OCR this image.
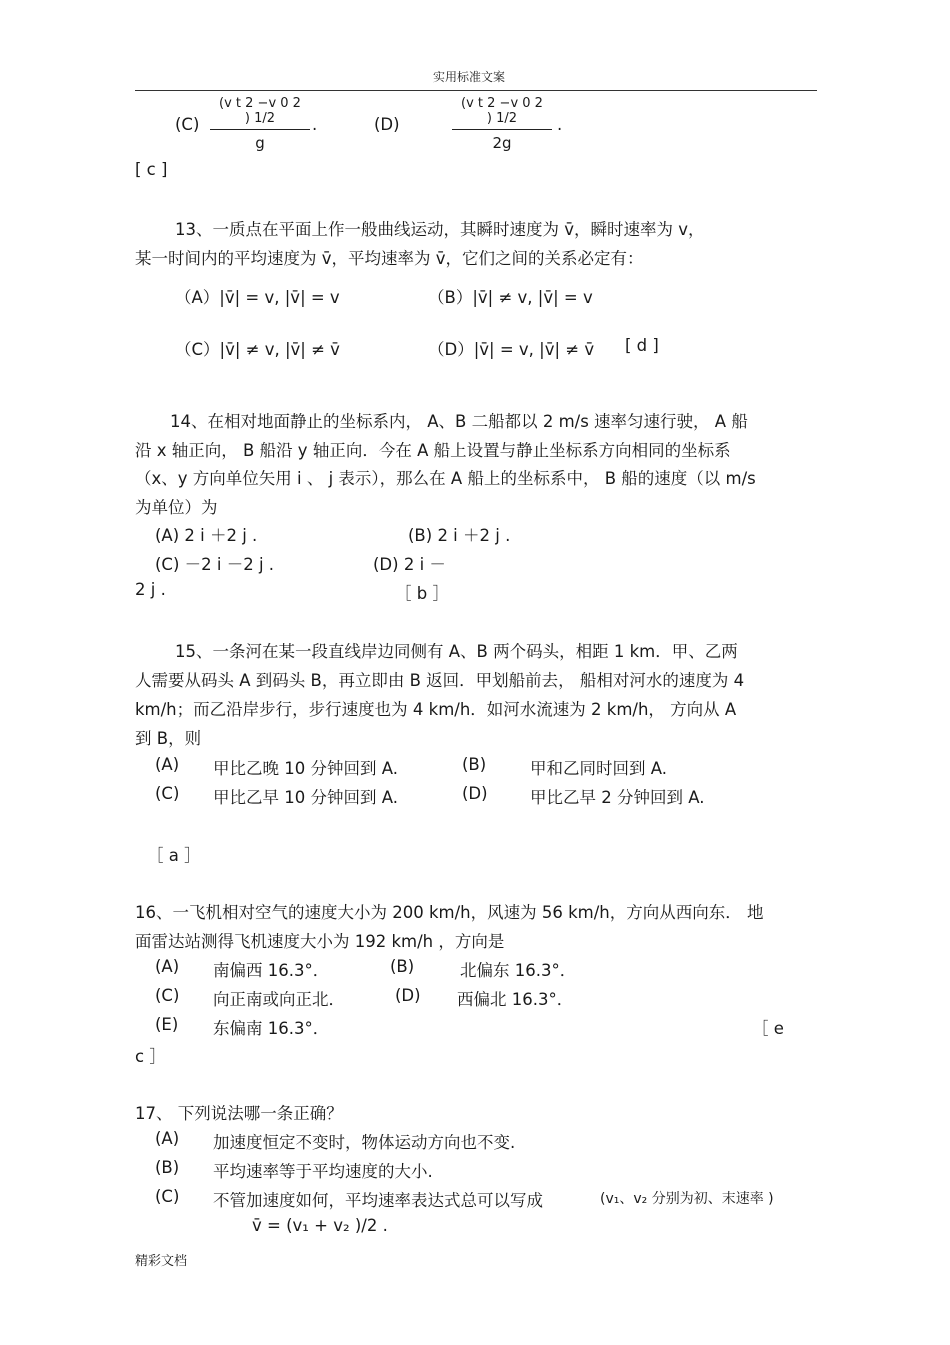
实用标准文案
$(C) \frac{\text{(v t 2 −v 0 2 ) 1/2}}{g}$ .	(D)	$\frac{\text{(v t 2 −v 0 2 ) 1/2}}{2g}$ .
[ c ]
13、一质点在平面上作一般曲线运动，其瞬时速度为 v̄，瞬时速率为 v，
某一时间内的平均速度为 v̄，平均速率为 v̄，它们之间的关系必定有：
（A）|v̄| = v, |v̄| = v	（B）|v̄| ≠ v, |v̄| = v
（C）|v̄| ≠ v, |v̄| ≠ v̄	（D）|v̄| = v, |v̄| ≠ v̄ [ d ]
14、在相对地面静止的坐标系内， A、B 二船都以 2 m/s 速率匀速行驶， A 船
沿 x 轴正向， B 船沿 y 轴正向．今在 A 船上设置与静止坐标系方向相同的坐标系
（x、y 方向单位矢用 i 、 j 表示），那么在 A 船上的坐标系中， B 船的速度（以 m/s
为单位）为
(A) 2 i ＋2 j .	(B) 2 i ＋2 j .
(C) －2 i －2 j .	(D) 2 i －
2 j .	［ b ］
15、一条河在某一段直线岸边同侧有 A、B 两个码头，相距 1 km．甲、乙两
人需要从码头 A 到码头 B，再立即由 B 返回．甲划船前去， 船相对河水的速度为 4
km/h；而乙沿岸步行，步行速度也为 4 km/h．如河水流速为 2 km/h， 方向从 A
到 B，则
(A) 甲比乙晚 10 分钟回到 A.	(B)	甲和乙同时回到 A.
(C) 甲比乙早 10 分钟回到 A.	(D)	甲比乙早 2 分钟回到 A.
［ a ］
16、一飞机相对空气的速度大小为 200 km/h，风速为 56 km/h，方向从西向东． 地
面雷达站测得飞机速度大小为 192 km/h ，方向是
(A) 南偏西 16.3°．	(B)	北偏东 16.3°．
(C) 向正南或向正北．	(D) 西偏北 16.3°．
(E) 东偏南 16.3°．	［ e
c ］
17、 下列说法哪一条正确？
(A) 加速度恒定不变时，物体运动方向也不变.
(B) 平均速率等于平均速度的大小.
(C) 不管加速度如何，平均速率表达式总可以写成	(v₁、v₂ 分别为初、末速率 )
v̄ = (v₁ + v₂ )/2 .
精彩文档
